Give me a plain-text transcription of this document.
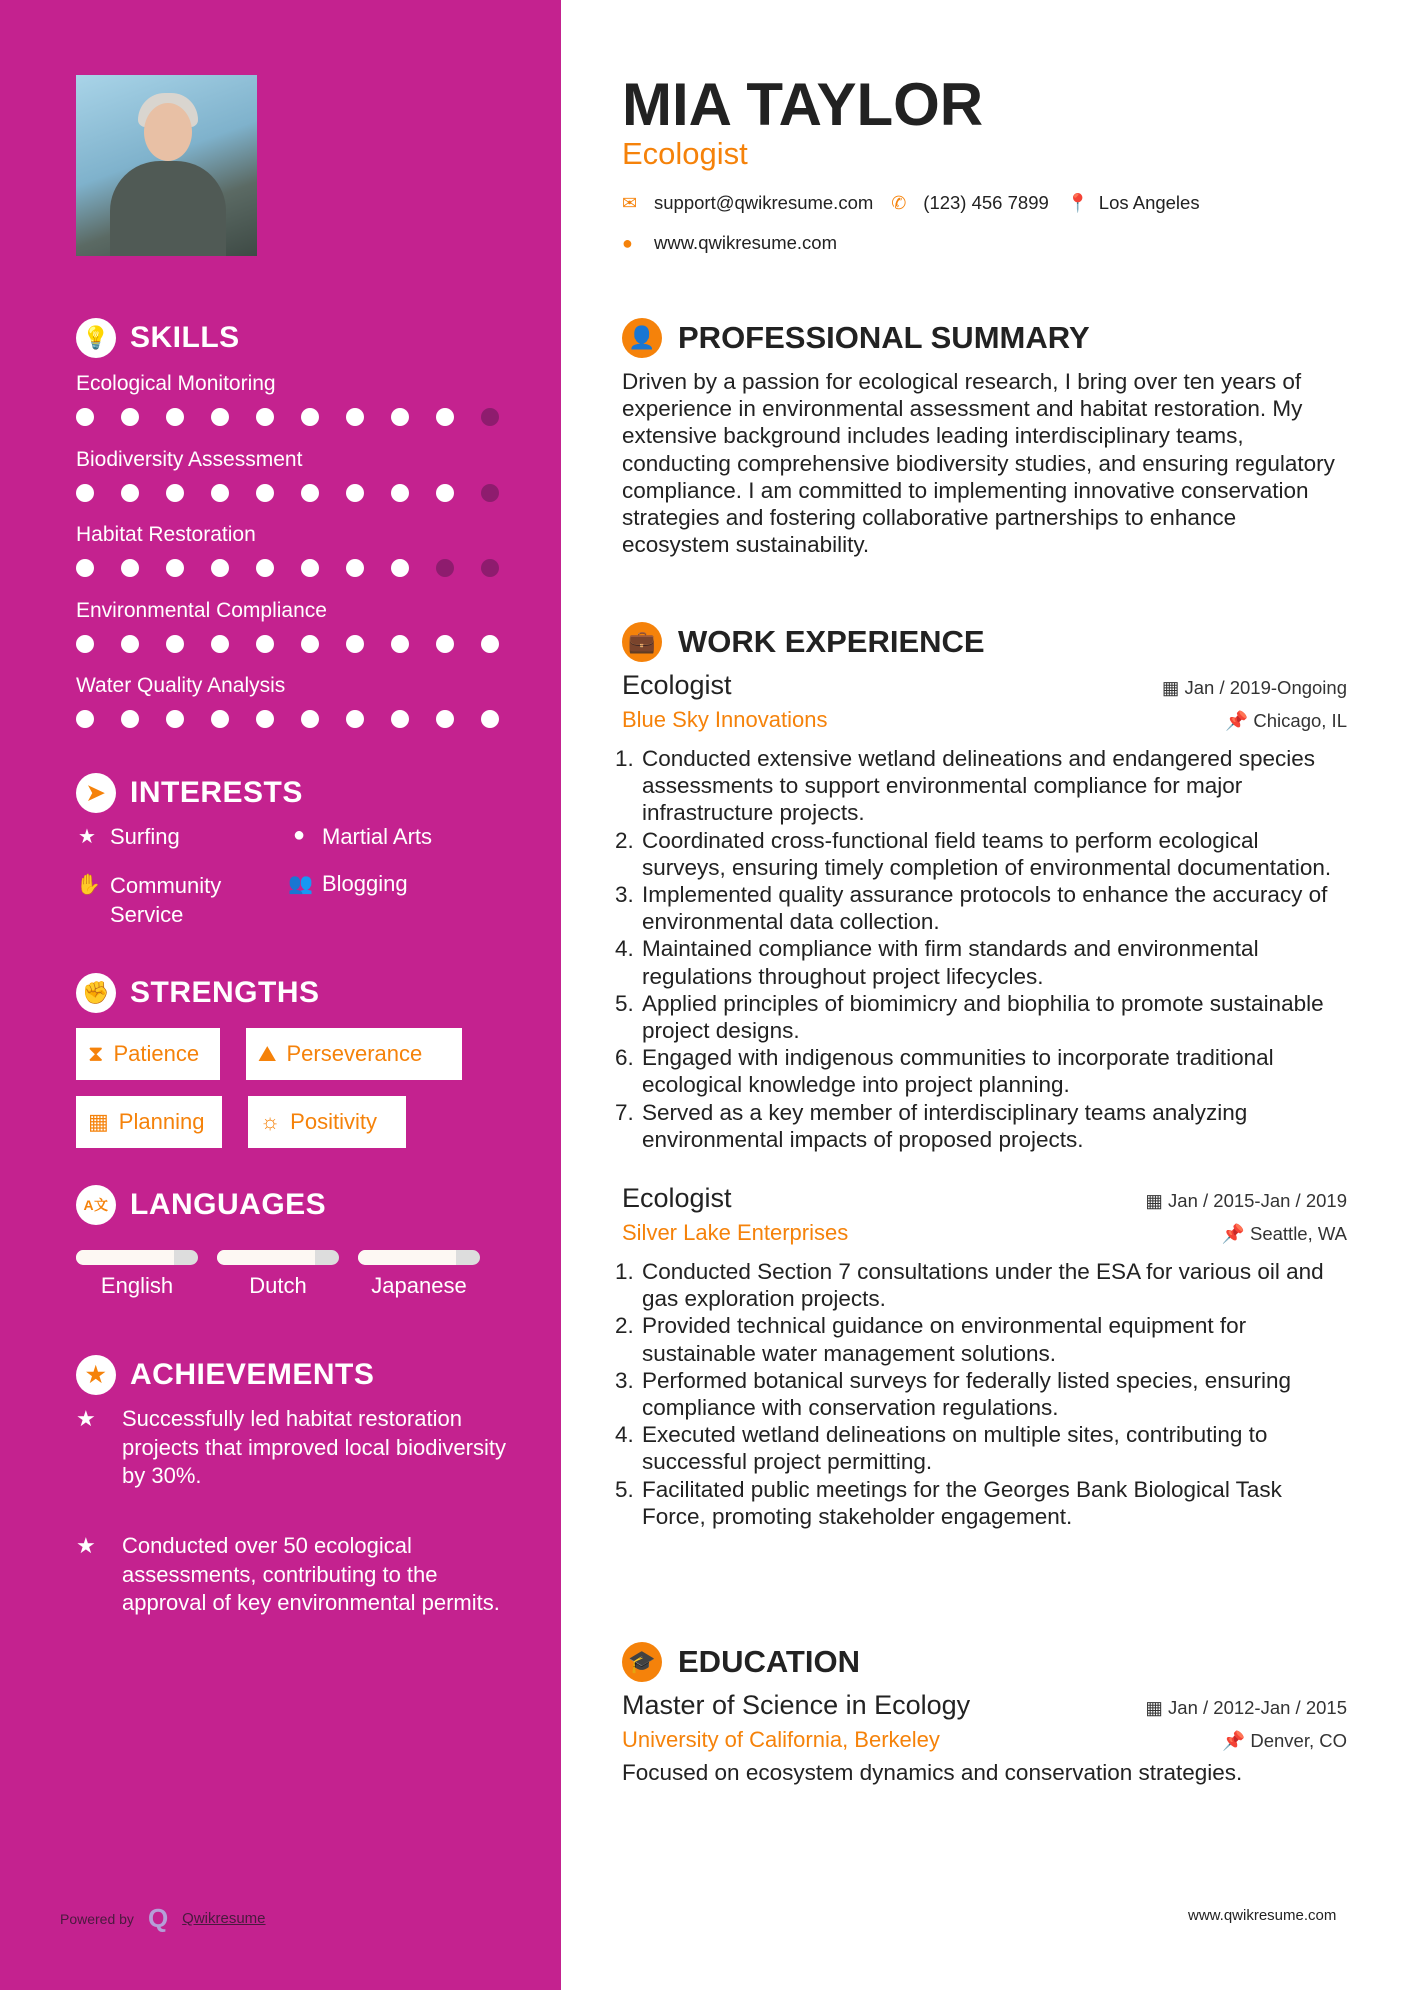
💡 SKILLS
Ecological Monitoring
Biodiversity Assessment
Habitat Restoration
Environmental Compliance
Water Quality Analysis
➤ INTERESTS
★ Surfing	● Martial Arts
✋ Community Service
👥 Blogging
✊ STRENGTHS
⧗ Patience	⛰ Perseverance
▦ Planning	☼ Positivity
A文 LANGUAGES
English	Dutch	Japanese
★ ACHIEVEMENTS
★	Successfully led habitat restoration projects that improved local biodiversity by 30%.
★	Conducted over 50 ecological assessments, contributing to the approval of key environmental permits.
Powered by Q Qwikresume
MIA TAYLOR
Ecologist
✉ support@qwikresume.com ✆ (123) 456 7899 📍 Los Angeles
●	www.qwikresume.com
👤 PROFESSIONAL SUMMARY

Driven by a passion for ecological research, I bring over ten years of experience in environmental assessment and habitat restoration. My extensive background includes leading interdisciplinary teams, conducting comprehensive biodiversity studies, and ensuring regulatory compliance. I am committed to implementing innovative conservation strategies and fostering collaborative partnerships to enhance ecosystem sustainability.

💼 WORK EXPERIENCE
Ecologist	▦ Jan / 2019-Ongoing
Blue Sky Innovations	📌 Chicago, IL
1. Conducted extensive wetland delineations and endangered species assessments to support environmental compliance for major infrastructure projects.
2. Coordinated cross-functional field teams to perform ecological surveys, ensuring timely completion of environmental documentation.
3. Implemented quality assurance protocols to enhance the accuracy of environmental data collection.
4. Maintained compliance with firm standards and environmental regulations throughout project lifecycles.
5. Applied principles of biomimicry and biophilia to promote sustainable project designs.
6. Engaged with indigenous communities to incorporate traditional ecological knowledge into project planning.
7. Served as a key member of interdisciplinary teams analyzing environmental impacts of proposed projects.
Ecologist	▦ Jan / 2015-Jan / 2019
Silver Lake Enterprises	📌 Seattle, WA
1. Conducted Section 7 consultations under the ESA for various oil and gas exploration projects.
2. Provided technical guidance on environmental equipment for sustainable water management solutions.
3. Performed botanical surveys for federally listed species, ensuring compliance with conservation regulations.
4. Executed wetland delineations on multiple sites, contributing to successful project permitting.
5. Facilitated public meetings for the Georges Bank Biological Task Force, promoting stakeholder engagement.
🎓 EDUCATION
Master of Science in Ecology	▦ Jan / 2012-Jan / 2015
University of California, Berkeley	📌 Denver, CO

Focused on ecosystem dynamics and conservation strategies.

www.qwikresume.com
